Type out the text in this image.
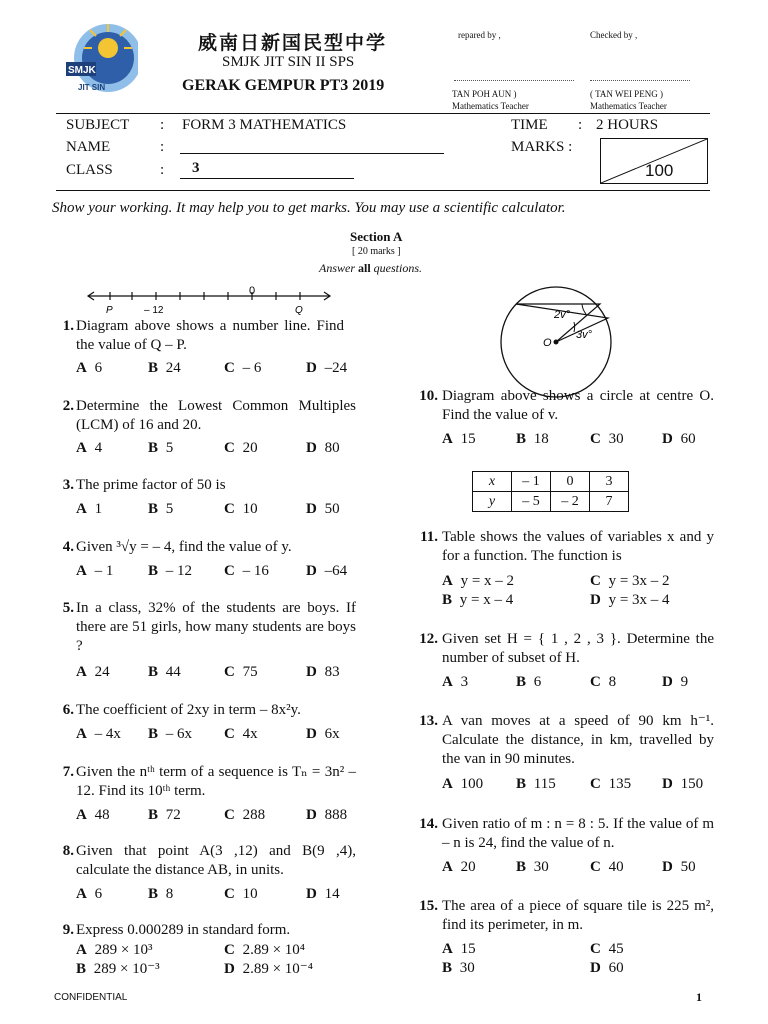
SMJK
JIT SIN
威南日新国民型中学
SMJK JIT SIN II SPS
GERAK GEMPUR PT3 2019
repared by ,	Checked by ,
TAN POH AUN )	( TAN WEI PENG )
Mathematics Teacher	Mathematics Teacher
SUBJECT : FORM 3 MATHEMATICS	TIME : 2 HOURS
NAME	:	MARKS :
CLASS	: 3	100
Show your working. It may help you to get marks. You may use a scientific calculator.
Section A
[ 20 marks ]
Answer all questions.
P	– 12
0
Q	2v°
3v°
O
1. Diagram above shows a number line. Find the value of Q – P.
A 6	B 24	C – 6	D –24
2. Determine the Lowest Common Multiples (LCM) of 16 and 20.
A 4	B 5	C 20	D 80
3. The prime factor of 50 is
A 1	B 5	C 10	D 50
4. Given ³√y = – 4, find the value of y.
A – 1 B – 12 C – 16 D –64
5. In a class, 32% of the students are boys. If there are 51 girls, how many students are boys ?
A 24	B 44	C 75	D 83
6. The coefficient of 2xy in term – 8x²y.
A – 4x B – 6x C 4x	D 6x
7. Given the nᵗʰ term of a sequence is Tₙ = 3n² – 12. Find its 10ᵗʰ term.
A 48	B 72	C 288	D 888
8. Given that point A(3 ,12) and B(9 ,4), calculate the distance AB, in units.
A 6	B 8	C 10	D 14
9. Express 0.000289 in standard form.
A 289 × 10³	C 2.89 × 10⁴
B 289 × 10⁻³	D 2.89 × 10⁻⁴
10. Diagram above shows a circle at centre O. Find the value of v.
A 15	B 18	C 30	D 60
x	– 1	0	3
y	– 5	– 2	7
11. Table shows the values of variables x and y for a function. The function is
A y = x – 2	C y = 3x – 2
B y = x – 4	D y = 3x – 4
12. Given set H = { 1 , 2 , 3 }. Determine the number of subset of H.
A 3	B 6	C 8	D 9
13. A van moves at a speed of 90 km h⁻¹. Calculate the distance, in km, travelled by the van in 90 minutes.
A 100 B 115 C 135 D 150
14. Given ratio of m : n = 8 : 5. If the value of m – n is 24, find the value of n.
A 20	B 30	C 40	D 50
15. The area of a piece of square tile is 225 m², find its perimeter, in m.
A 15	C 45
B 30	D 60
CONFIDENTIAL	1
